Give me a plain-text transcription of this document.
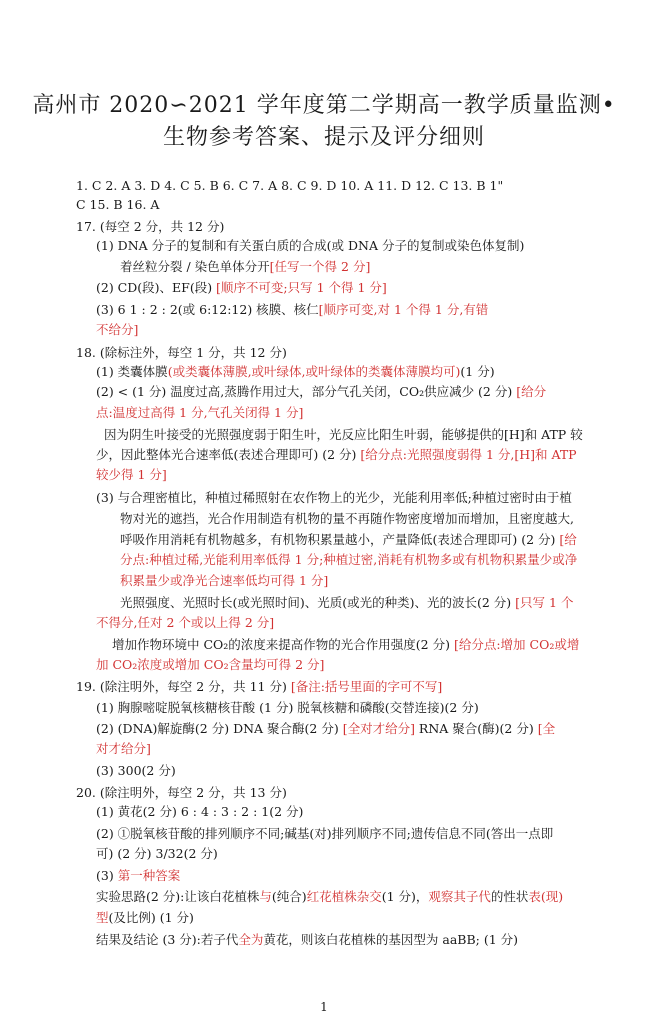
高州市 2020∽2021 学年度第二学期高一教学质量监测•
生物参考答案、提示及评分细则
1. C 2. A 3. D 4. C 5. B 6. C 7. A 8. C 9. D 10. A 11. D 12. C 13. B 1"
C 15. B 16. A
17. (每空 2 分，共 12 分)
(1) DNA 分子的复制和有关蛋白质的合成(或 DNA 分子的复制或染色体复制)
着丝粒分裂 / 染色单体分开[任写一个得 2 分]
(2) CD(段)、EF(段) [顺序不可变;只写 1 个得 1 分]
(3) 6 1 : 2 : 2(或 6:12:12) 核膜、核仁[顺序可变,对 1 个得 1 分,有错
不给分]
18. (除标注外，每空 1 分，共 12 分)
(1) 类囊体膜(或类囊体薄膜,或叶绿体,或叶绿体的类囊体薄膜均可)(1 分)
(2) < (1 分) 温度过高,蒸腾作用过大，部分气孔关闭，CO₂供应减少 (2 分) [给分
点:温度过高得 1 分,气孔关闭得 1 分]
因为阴生叶接受的光照强度弱于阳生叶，光反应比阳生叶弱，能够提供的[H]和 ATP 较
少，因此整体光合速率低(表述合理即可) (2 分) [给分点:光照强度弱得 1 分,[H]和 ATP
较少得 1 分]
(3) 与合理密植比，种植过稀照射在农作物上的光少，光能利用率低;种植过密时由于植
物对光的遮挡，光合作用制造有机物的量不再随作物密度增加而增加，且密度越大,
呼吸作用消耗有机物越多，有机物积累量越小，产量降低(表述合理即可) (2 分) [给
分点:种植过稀,光能利用率低得 1 分;种植过密,消耗有机物多或有机物积累量少或净
积累量少或净光合速率低均可得 1 分]
光照强度、光照时长(或光照时间)、光质(或光的种类)、光的波长(2 分) [只写 1 个
不得分,任对 2 个或以上得 2 分]
增加作物环境中 CO₂的浓度来提高作物的光合作用强度(2 分) [给分点:增加 CO₂或增
加 CO₂浓度或增加 CO₂含量均可得 2 分]
19. (除注明外，每空 2 分，共 11 分) [备注:括号里面的字可不写]
(1) 胸腺嘧啶脱氧核糖核苷酸 (1 分) 脱氧核糖和磷酸(交替连接)(2 分)
(2) (DNA)解旋酶(2 分) DNA 聚合酶(2 分) [全对才给分] RNA 聚合(酶)(2 分) [全
对才给分]
(3) 300(2 分)
20. (除注明外，每空 2 分，共 13 分)
(1) 黄花(2 分) 6 : 4 : 3 : 2 : 1(2 分)
(2) ①脱氧核苷酸的排列顺序不同;碱基(对)排列顺序不同;遗传信息不同(答出一点即
可) (2 分) 3/32(2 分)
(3) 第一种答案
实验思路(2 分):让该白花植株与(纯合)红花植株杂交(1 分)，观察其子代的性状表(现)
型(及比例) (1 分)
结果及结论 (3 分):若子代全为黄花，则该白花植株的基因型为 aaBB; (1 分)
1
